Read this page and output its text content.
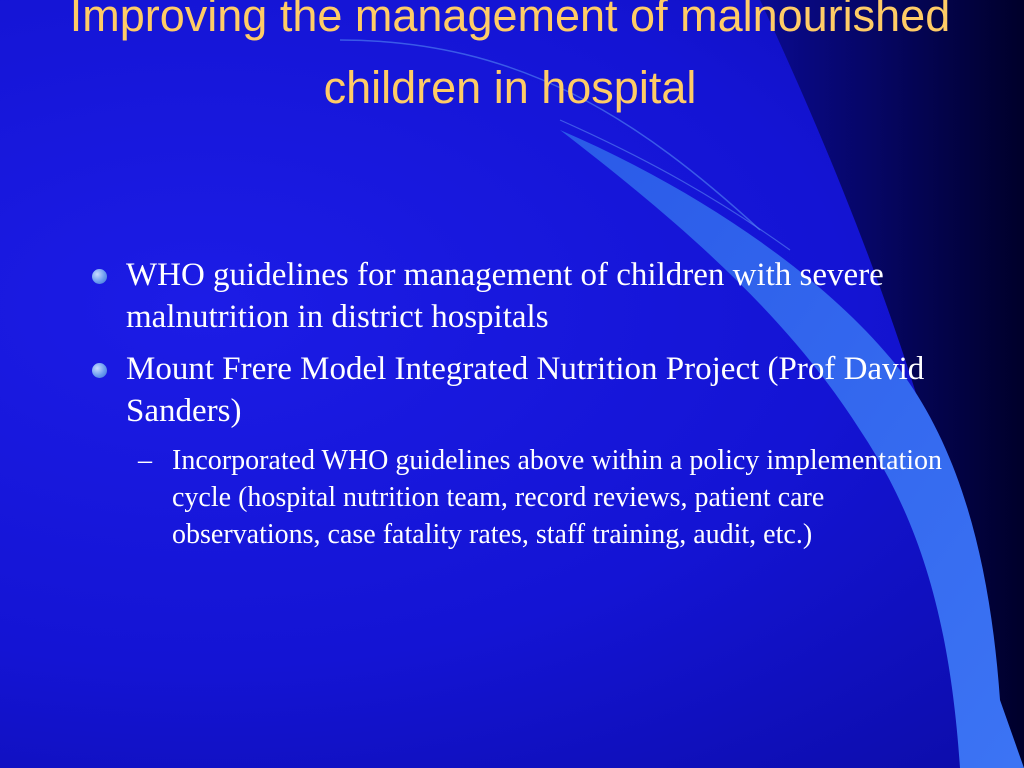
Improving the management of malnourished children in hospital
WHO guidelines for management of children with severe malnutrition in district hospitals
Mount Frere Model Integrated Nutrition Project (Prof David Sanders)
– Incorporated WHO guidelines above within a policy implementation cycle (hospital nutrition team, record reviews, patient care observations, case fatality rates, staff training, audit, etc.)
